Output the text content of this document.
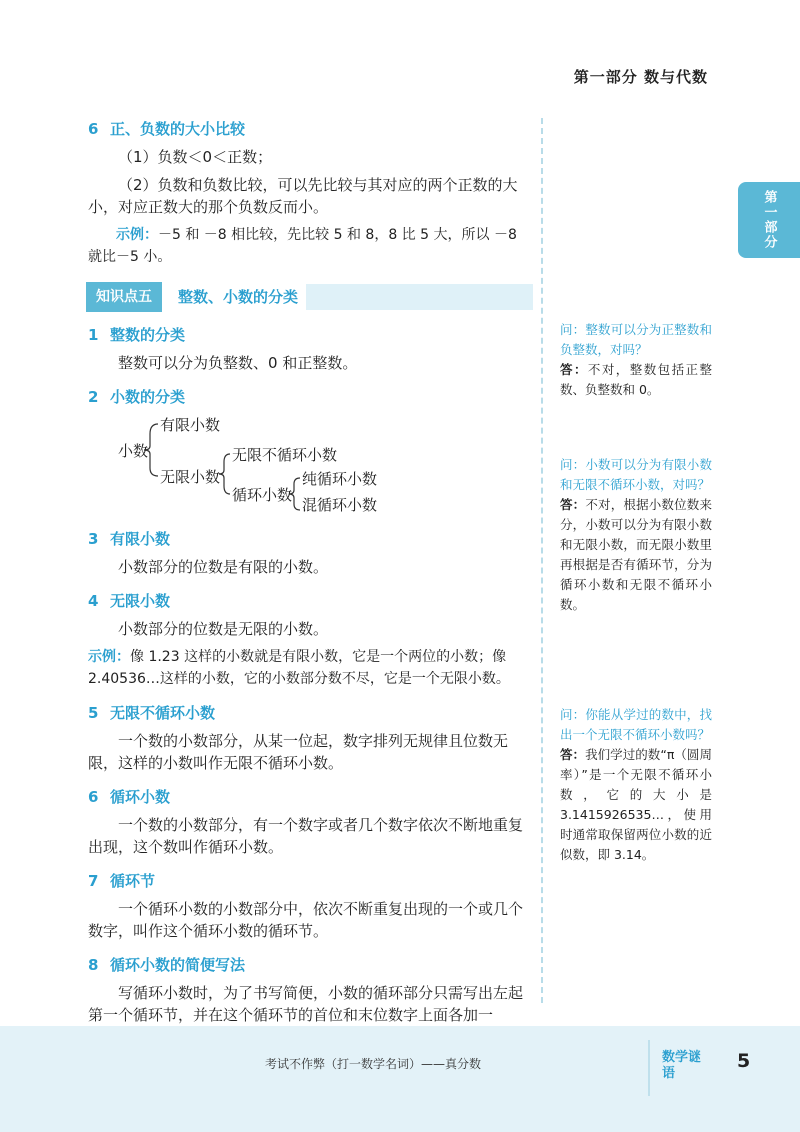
第一部分 数与代数
第一部分
6 正、负数的大小比较
（1）负数＜0＜正数；
（2）负数和负数比较，可以先比较与其对应的两个正数的大小，对应正数大的那个负数反而小。
示例：－5 和 －8 相比较，先比较 5 和 8，8 比 5 大，所以 －8 就比－5 小。
知识点五	整数、小数的分类
1 整数的分类
整数可以分为负整数、0 和正整数。
2 小数的分类
小数
有限小数
无限小数
无限不循环小数
循环小数
纯循环小数
混循环小数
3 有限小数
小数部分的位数是有限的小数。
4 无限小数
小数部分的位数是无限的小数。
示例：像 1.23 这样的小数就是有限小数，它是一个两位的小数；像 2.40536…这样的小数，它的小数部分数不尽，它是一个无限小数。
5 无限不循环小数
一个数的小数部分，从某一位起，数字排列无规律且位数无限，这样的小数叫作无限不循环小数。
6 循环小数
一个数的小数部分，有一个数字或者几个数字依次不断地重复出现，这个数叫作循环小数。
7 循环节
一个循环小数的小数部分中，依次不断重复出现的一个或几个数字，叫作这个循环小数的循环节。
8 循环小数的简便写法
写循环小数时，为了书写简便，小数的循环部分只需写出左起第一个循环节，并在这个循环节的首位和末位数字上面各加一
问：整数可以分为正整数和负整数，对吗？
答：不对，整数包括正整数、负整数和 0。
问：小数可以分为有限小数和无限不循环小数，对吗？
答：不对，根据小数位数来分，小数可以分为有限小数和无限小数，而无限小数里再根据是否有循环节，分为循环小数和无限不循环小数。
问：你能从学过的数中，找出一个无限不循环小数吗？
答：我们学过的数“π（圆周率）”是一个无限不循环小数，它的大小是 3.1415926535…，使用时通常取保留两位小数的近似数，即 3.14。
考试不作弊（打一数学名词）——真分数	数学谜语
5
